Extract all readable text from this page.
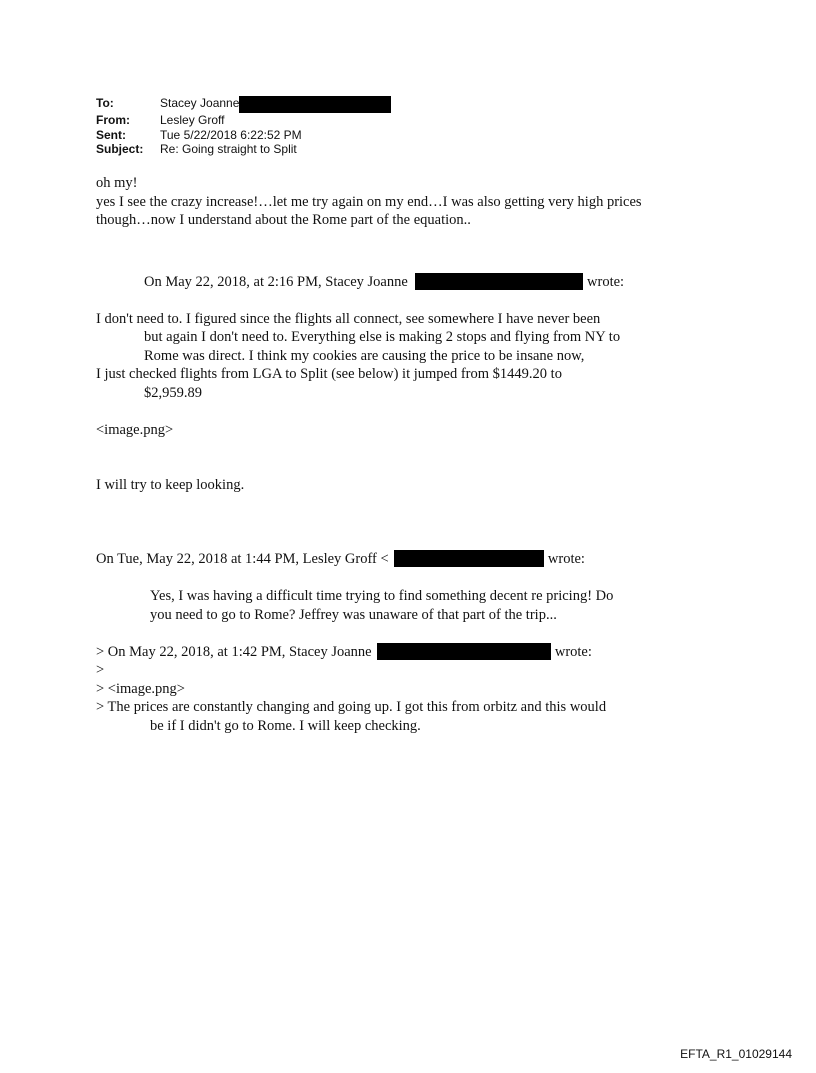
To:	Stacey Joanne
From:	Lesley Groff
Sent:	Tue 5/22/2018 6:22:52 PM
Subject:	Re: Going straight to Split
oh my!
yes I see the crazy increase!…let me try again on my end…I was also getting very high prices
though…now I understand about the Rome part of the equation..
On May 22, 2018, at 2:16 PM, Stacey Joanne	wrote:
I don't need to. I figured since the flights all connect, see somewhere I have never been
but again I don't need to. Everything else is making 2 stops and flying from NY to
Rome was direct. I think my cookies are causing the price to be insane now,
I just checked flights from LGA to Split (see below) it jumped from $1449.20 to
$2,959.89
<image.png>
I will try to keep looking.
On Tue, May 22, 2018 at 1:44 PM, Lesley Groff <	wrote:
Yes, I was having a difficult time trying to find something decent re pricing! Do
you need to go to Rome? Jeffrey was unaware of that part of the trip...
> On May 22, 2018, at 1:42 PM, Stacey Joanne	wrote:
>
> <image.png>
> The prices are constantly changing and going up. I got this from orbitz and this would
be if I didn't go to Rome. I will keep checking.
EFTA_R1_01029144
